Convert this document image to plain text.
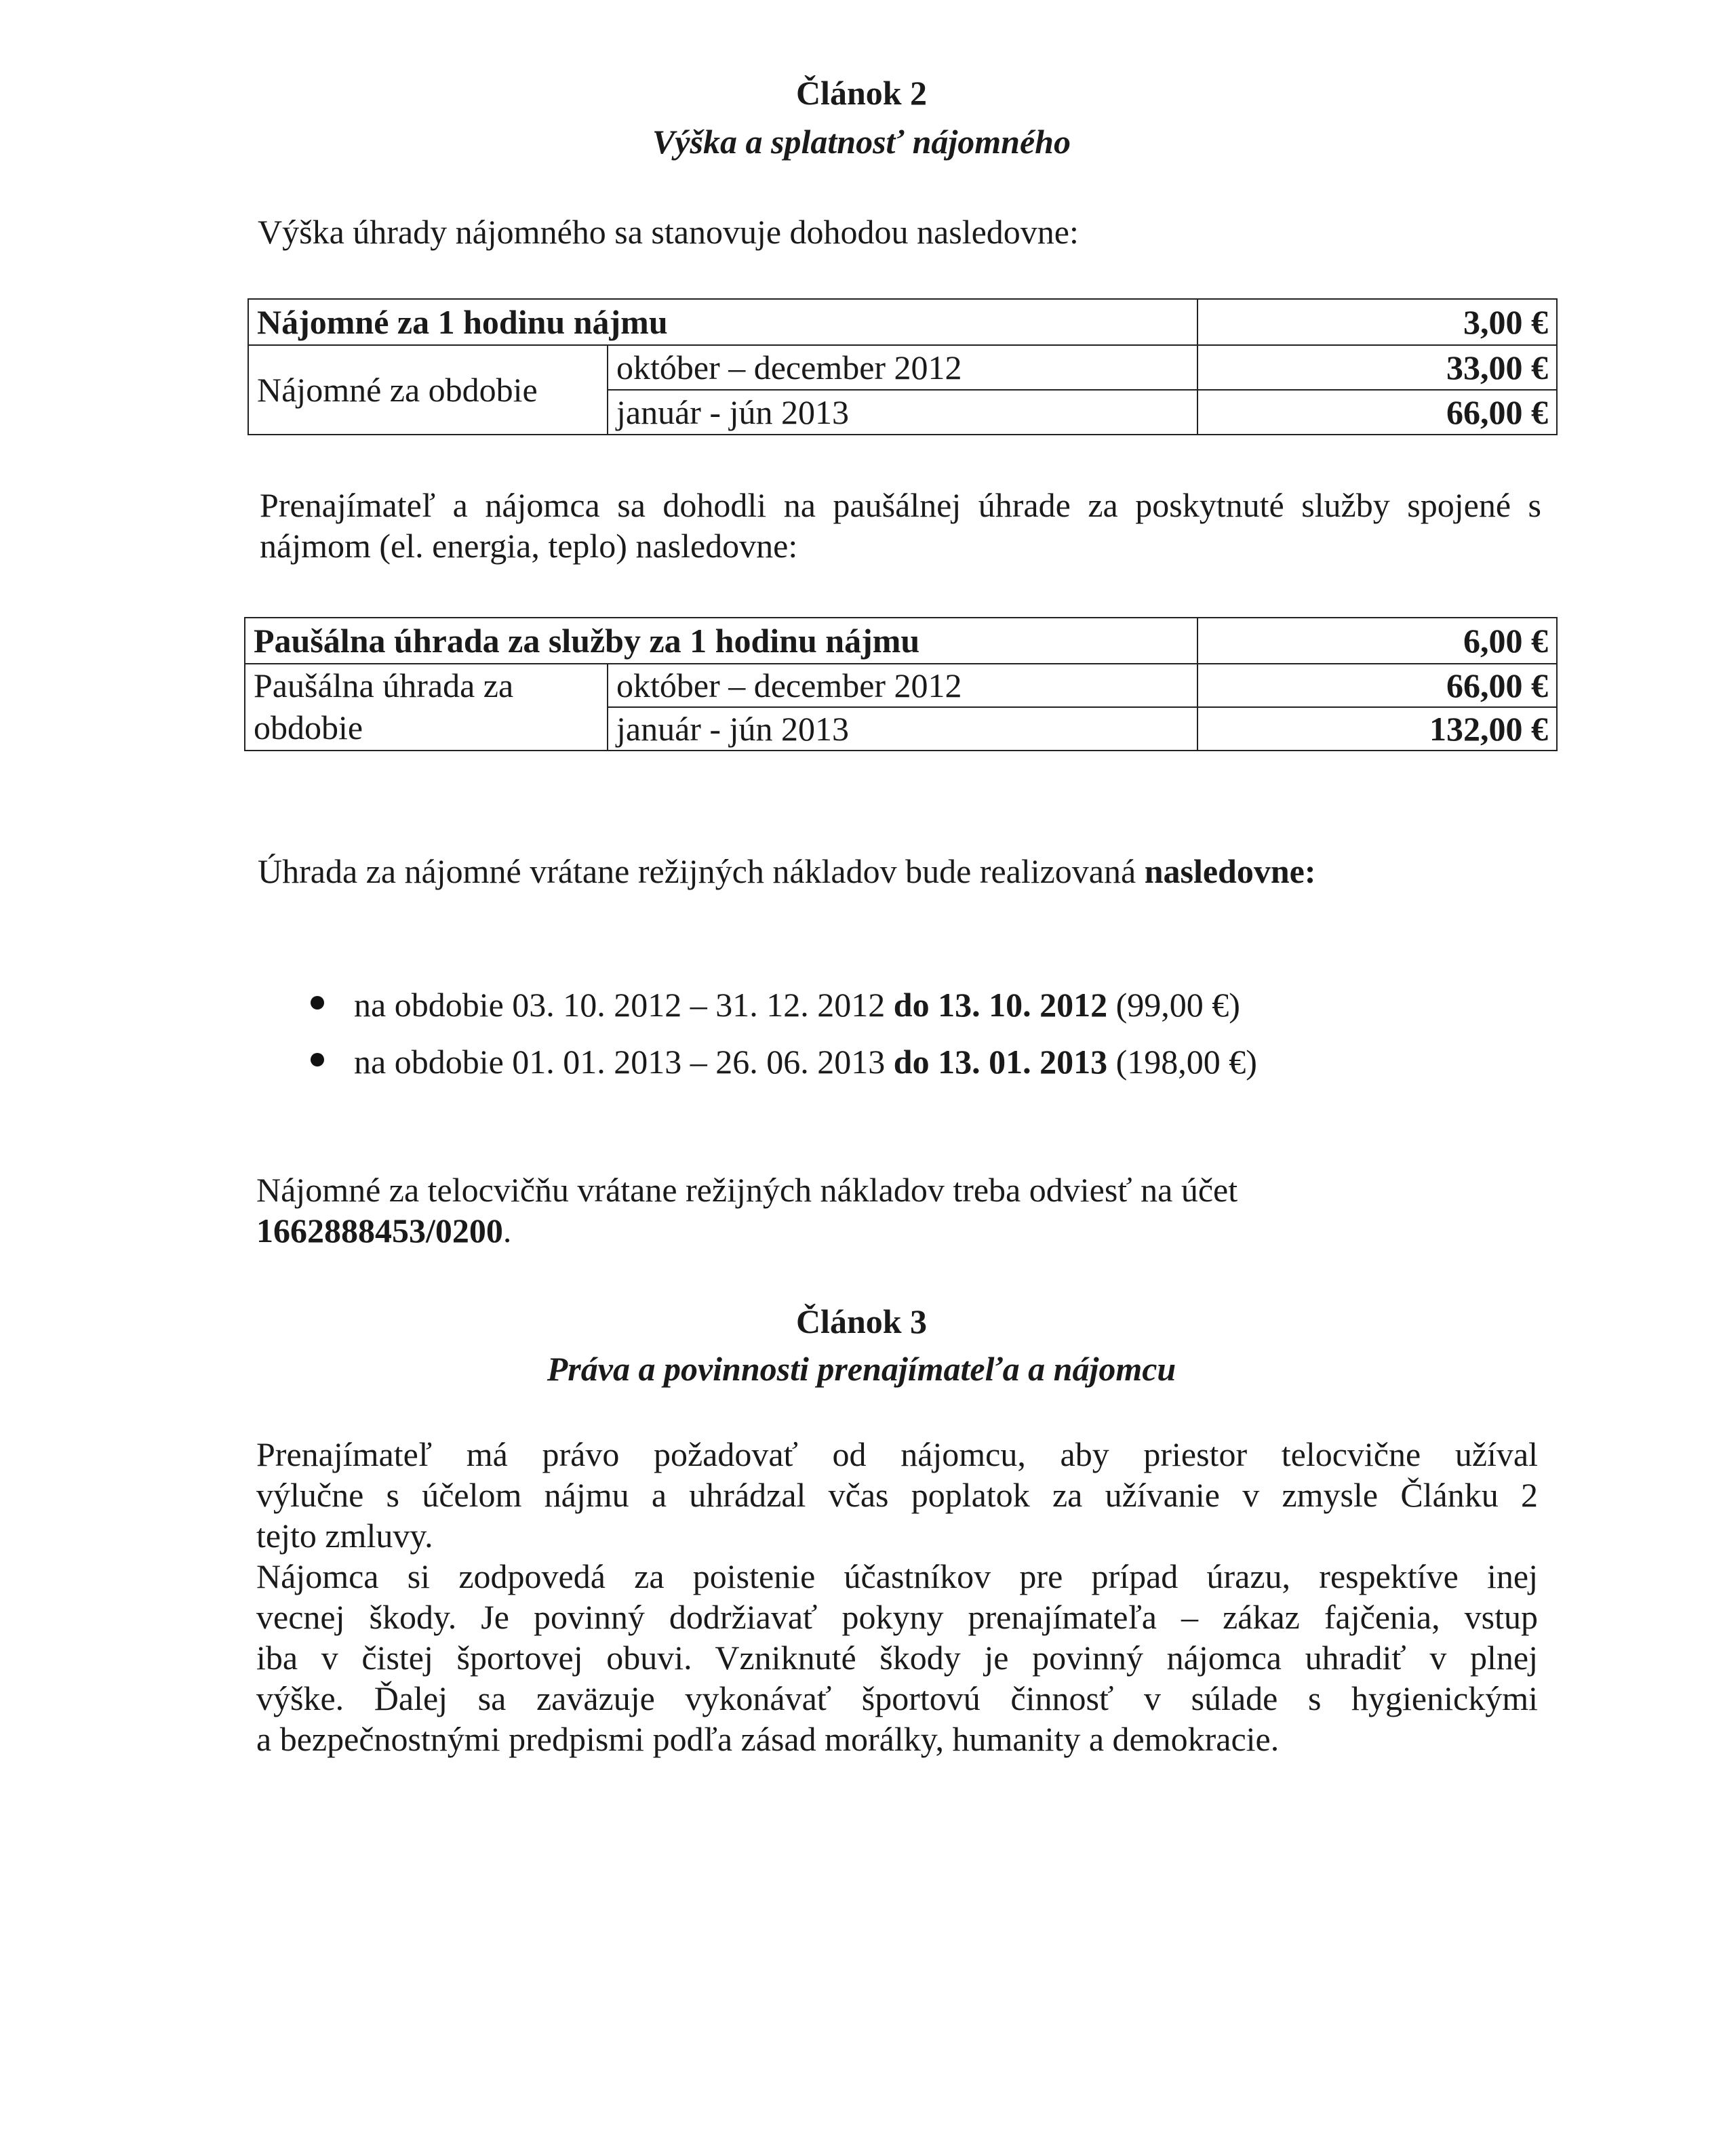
Článok 2
Výška a splatnosť nájomného
Výška úhrady nájomného sa stanovuje dohodou nasledovne:
Nájomné za 1 hodinu nájmu		3,00 €
Nájomné za obdobie	október – december 2012	33,00 €
	január - jún 2013	66,00 €
Prenajímateľ a nájomca sa dohodli na paušálnej úhrade za poskytnuté služby spojené s nájmom (el. energia, teplo) nasledovne:
Paušálna úhrada za služby za 1 hodinu nájmu		6,00 €
Paušálna úhrada za obdobie	október – december 2012	66,00 €
	január - jún 2013	132,00 €
Úhrada za nájomné vrátane režijných nákladov bude realizovaná nasledovne:
na obdobie 03. 10. 2012 – 31. 12. 2012 do 13. 10. 2012 (99,00 €)
na obdobie 01. 01. 2013 – 26. 06. 2013 do 13. 01. 2013 (198,00 €)
Nájomné za telocvičňu vrátane režijných nákladov treba odviesť na účet
1662888453/0200.
Článok 3
Práva a povinnosti prenajímateľa a nájomcu
Prenajímateľ má právo požadovať od nájomcu, aby priestor telocvične užíval
výlučne s účelom nájmu a uhrádzal včas poplatok za užívanie v zmysle Článku 2
tejto zmluvy.
Nájomca si zodpovedá za poistenie účastníkov pre prípad úrazu, respektíve inej
vecnej škody. Je povinný dodržiavať pokyny prenajímateľa – zákaz fajčenia, vstup
iba v čistej športovej obuvi. Vzniknuté škody je povinný nájomca uhradiť v plnej
výške. Ďalej sa zaväzuje vykonávať športovú činnosť v súlade s hygienickými
a bezpečnostnými predpismi podľa zásad morálky, humanity a demokracie.
